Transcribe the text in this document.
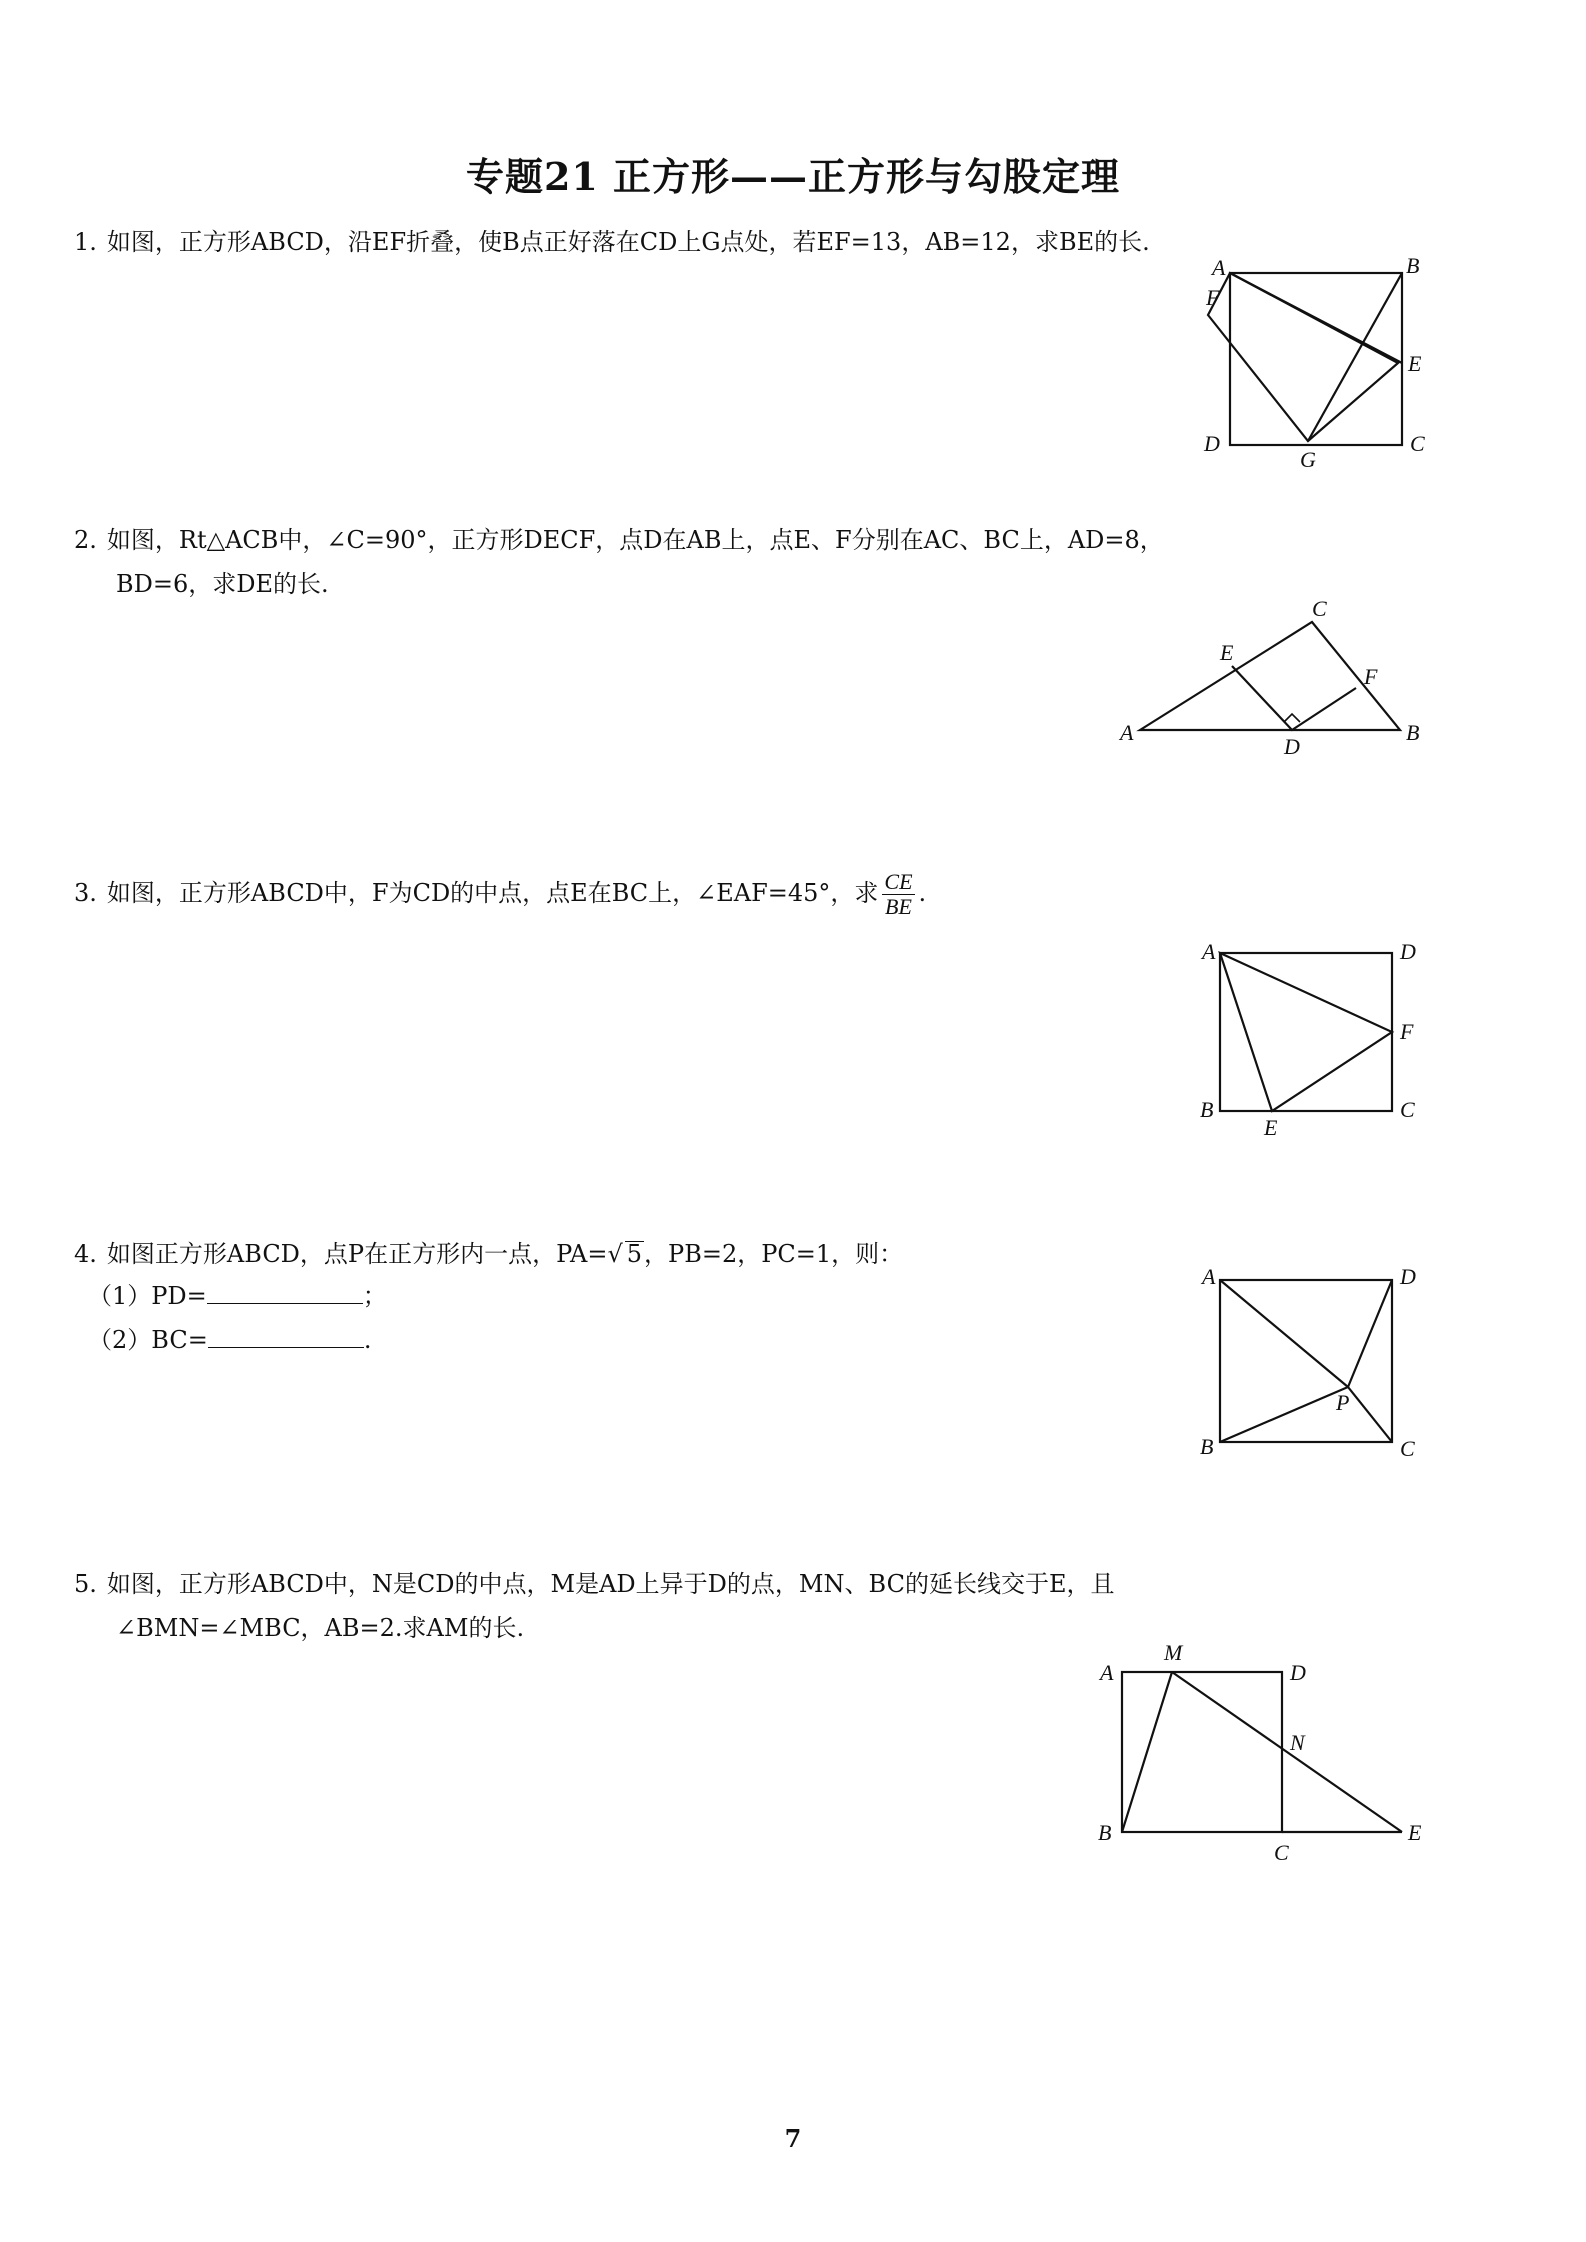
专题21 正方形——正方形与勾股定理
1. 如图，正方形ABCD，沿EF折叠，使B点正好落在CD上G点处，若EF=13，AB=12，求BE的长.
A	B
F
E
D	C
G
2. 如图，Rt△ACB中，∠C=90°，正方形DECF，点D在AB上，点E、F分别在AC、BC上，AD=8，
BD=6，求DE的长.
A
C
E
F
B
D
3. 如图，正方形ABCD中，F为CD的中点，点E在BC上，∠EAF=45°，求 $\frac{CE}{BE}$ .
A	D
F
B	C
E
4. 如图正方形ABCD，点P在正方形内一点，PA=√ 5，PB=2，PC=1，则：
（1）PD=	；
（2）BC=	.
A	D
P
B	C
5. 如图，正方形ABCD中，N是CD的中点，M是AD上异于D的点，MN、BC的延长线交于E，且
∠BMN=∠MBC，AB=2.求AM的长.
A
M
D
N
B
C
E
7
